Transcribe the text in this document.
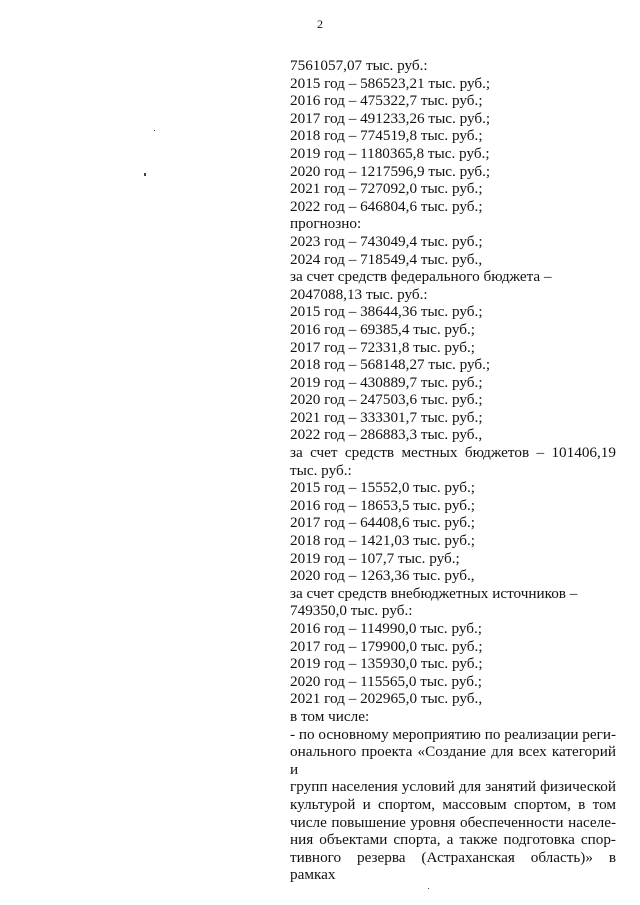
2
7561057,07 тыс. руб.:
2015 год – 586523,21 тыс. руб.;
2016 год – 475322,7 тыс. руб.;
2017 год – 491233,26 тыс. руб.;
2018 год – 774519,8 тыс. руб.;
2019 год – 1180365,8 тыс. руб.;
2020 год – 1217596,9 тыс. руб.;
2021 год – 727092,0 тыс. руб.;
2022 год – 646804,6 тыс. руб.;
прогнозно:
2023 год – 743049,4 тыс. руб.;
2024 год – 718549,4 тыс. руб.,
за счет средств федерального бюджета –
2047088,13 тыс. руб.:
2015 год – 38644,36 тыс. руб.;
2016 год – 69385,4 тыс. руб.;
2017 год – 72331,8 тыс. руб.;
2018 год – 568148,27 тыс. руб.;
2019 год – 430889,7 тыс. руб.;
2020 год – 247503,6 тыс. руб.;
2021 год – 333301,7 тыс. руб.;
2022 год – 286883,3 тыс. руб.,
за счет средств местных бюджетов – 101406,19
тыс. руб.:
2015 год – 15552,0 тыс. руб.;
2016 год – 18653,5 тыс. руб.;
2017 год – 64408,6 тыс. руб.;
2018 год – 1421,03 тыс. руб.;
2019 год – 107,7 тыс. руб.;
2020 год – 1263,36 тыс. руб.,
за счет средств внебюджетных источников –
749350,0 тыс. руб.:
2016 год – 114990,0 тыс. руб.;
2017 год – 179900,0 тыс. руб.;
2019 год – 135930,0 тыс. руб.;
2020 год – 115565,0 тыс. руб.;
2021 год – 202965,0 тыс. руб.,
в том числе:
- по основному мероприятию по реализации реги-
онального проекта «Создание для всех категорий и
групп населения условий для занятий физической
культурой и спортом, массовым спортом, в том
числе повышение уровня обеспеченности населе-
ния объектами спорта, а также подготовка спор-
тивного резерва (Астраханская область)» в рамках
